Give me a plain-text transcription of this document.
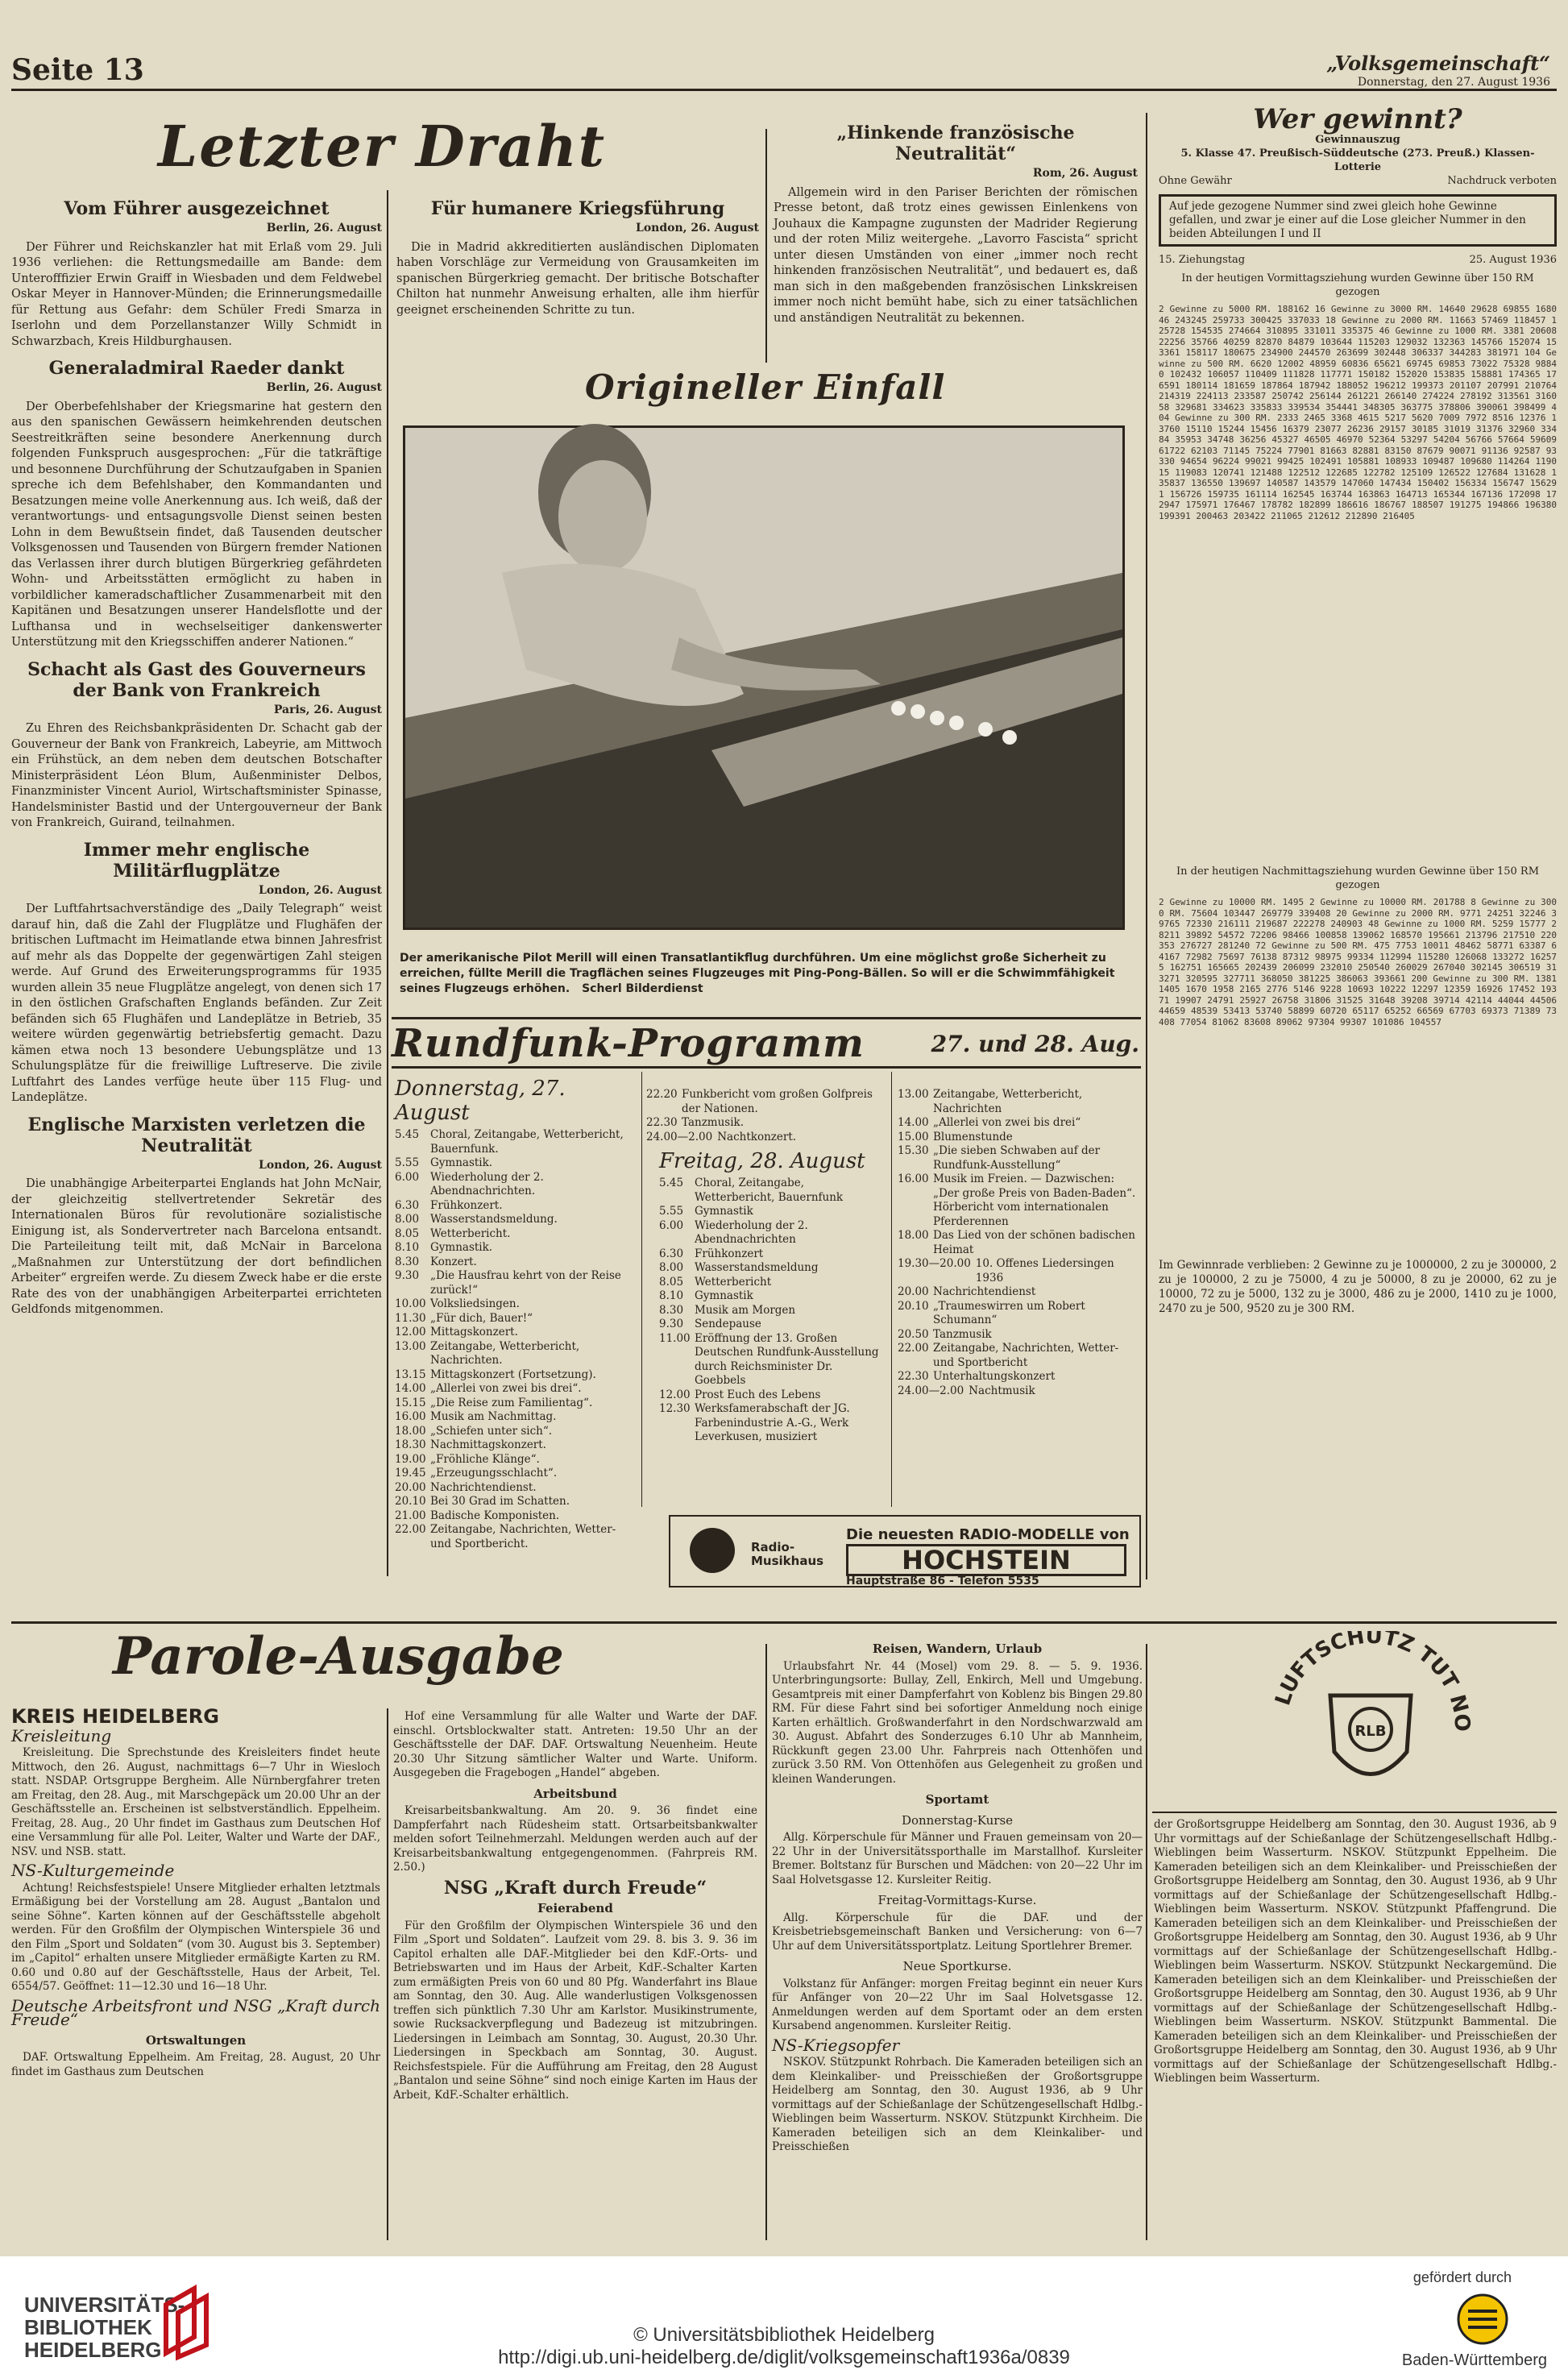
Seite 13	„Volksgemeinschaft“
Donnerstag, den 27. August 1936
Letzter Draht
Vom Führer ausgezeichnet
Berlin, 26. August

Der Führer und Reichskanzler hat mit Erlaß vom 29. Juli 1936 verliehen: die Rettungsmedaille am Bande: dem Unterofffizier Erwin Graiff in Wiesbaden und dem Feldwebel Oskar Meyer in Hannover-Münden; die Erinnerungsmedaille für Rettung aus Gefahr: dem Schüler Fredi Smarza in Iserlohn und dem Porzellanstanzer Willy Schmidt in Schwarzbach, Kreis Hildburghausen.

Generaladmiral Raeder dankt
Berlin, 26. August

Der Oberbefehlshaber der Kriegsmarine hat gestern den aus den spanischen Gewässern heimkehrenden deutschen Seestreitkräften seine besondere Anerkennung durch folgenden Funkspruch ausgesprochen: „Für die tatkräftige und besonnene Durchführung der Schutzaufgaben in Spanien spreche ich dem Befehlshaber, den Kommandanten und Besatzungen meine volle Anerkennung aus. Ich weiß, daß der verantwortungs- und entsagungsvolle Dienst seinen besten Lohn in dem Bewußtsein findet, daß Tausenden deutscher Volksgenossen und Tausenden von Bürgern fremder Nationen das Verlassen ihrer durch blutigen Bürgerkrieg gefährdeten Wohn- und Arbeitsstätten ermöglicht zu haben in vorbildlicher kameradschaftlicher Zusammenarbeit mit den Kapitänen und Besatzungen unserer Handelsflotte und der Lufthansa und in wechselseitiger dankenswerter Unterstützung mit den Kriegsschiffen anderer Nationen.“

Schacht als Gast des Gouverneurs der Bank von Frankreich
Paris, 26. August

Zu Ehren des Reichsbankpräsidenten Dr. Schacht gab der Gouverneur der Bank von Frankreich, Labeyrie, am Mittwoch ein Frühstück, an dem neben dem deutschen Botschafter Ministerpräsident Léon Blum, Außenminister Delbos, Finanzminister Vincent Auriol, Wirtschaftsminister Spinasse, Handelsminister Bastid und der Untergouverneur der Bank von Frankreich, Guirand, teilnahmen.

Immer mehr englische Militärflugplätze
London, 26. August

Der Luftfahrtsachverständige des „Daily Telegraph“ weist darauf hin, daß die Zahl der Flugplätze und Flughäfen der britischen Luftmacht im Heimatlande etwa binnen Jahresfrist auf mehr als das Doppelte der gegenwärtigen Zahl steigen werde. Auf Grund des Erweiterungsprogramms für 1935 wurden allein 35 neue Flugplätze angelegt, von denen sich 17 in den östlichen Grafschaften Englands befänden. Zur Zeit befänden sich 65 Flughäfen und Landeplätze in Betrieb, 35 weitere würden gegenwärtig betriebsfertig gemacht. Dazu kämen etwa noch 13 besondere Uebungsplätze und 13 Schulungsplätze für die freiwillige Luftreserve. Die zivile Luftfahrt des Landes verfüge heute über 115 Flug- und Landeplätze.

Englische Marxisten verletzen die Neutralität
London, 26. August

Die unabhängige Arbeiterpartei Englands hat John McNair, der gleichzeitig stellvertretender Sekretär des Internationalen Büros für revolutionäre sozialistische Einigung ist, als Sondervertreter nach Barcelona entsandt. Die Parteileitung teilt mit, daß McNair in Barcelona „Maßnahmen zur Unterstützung der dort befindlichen Arbeiter“ ergreifen werde. Zu diesem Zweck habe er die erste Rate des von der unabhängigen Arbeiterpartei errichteten Geldfonds mitgenommen.

Für humanere Kriegsführung
London, 26. August

Die in Madrid akkreditierten ausländischen Diplomaten haben Vorschläge zur Vermeidung von Grausamkeiten im spanischen Bürgerkrieg gemacht. Der britische Botschafter Chilton hat nunmehr Anweisung erhalten, alle ihm hierfür geeignet erscheinenden Schritte zu tun.

„Hinkende französische Neutralität“
Rom, 26. August

Allgemein wird in den Pariser Berichten der römischen Presse betont, daß trotz eines gewissen Einlenkens von Jouhaux die Kampagne zugunsten der Madrider Regierung und der roten Miliz weitergehe. „Lavorro Fascista“ spricht unter diesen Umständen von einer „immer noch recht hinkenden französischen Neutralität“, und bedauert es, daß man sich in den maßgebenden französischen Linkskreisen immer noch nicht bemüht habe, sich zu einer tatsächlichen und anständigen Neutralität zu bekennen.

Origineller Einfall
Der amerikanische Pilot Merill will einen Transatlantikflug durchführen. Um eine möglichst große Sicherheit zu erreichen, füllte Merill die Tragflächen seines Flugzeuges mit Ping-Pong-Bällen. So will er die Schwimmfähigkeit seines Flugzeugs erhöhen. Scherl Bilderdienst
Rundfunk-Programm	27. und 28. Aug.
Donnerstag, 27. August
5.45	Choral, Zeitangabe, Wetterbericht, Bauernfunk.
5.55	Gymnastik.
6.00	Wiederholung der 2. Abendnachrichten.
6.30	Frühkonzert.
8.00	Wasserstandsmeldung.
8.05	Wetterbericht.
8.10	Gymnastik.
8.30	Konzert.
9.30	„Die Hausfrau kehrt von der Reise zurück!“
10.00 Volksliedsingen.
11.30 „Für dich, Bauer!“
12.00 Mittagskonzert.
13.00 Zeitangabe, Wetterbericht, Nachrichten.
13.15 Mittagskonzert (Fortsetzung).
14.00 „Allerlei von zwei bis drei“.
15.15 „Die Reise zum Familientag“.
16.00 Musik am Nachmittag.
18.00 „Schiefen unter sich“.
18.30 Nachmittagskonzert.
19.00 „Fröhliche Klänge“.
19.45 „Erzeugungsschlacht“.
20.00 Nachrichtendienst.
20.10 Bei 30 Grad im Schatten.
21.00 Badische Komponisten.
22.00 Zeitangabe, Nachrichten, Wetter- und Sportbericht.
22.20 Funkbericht vom großen Golfpreis der Nationen.
22.30 Tanzmusik.
24.00—2.00 Nachtkonzert.
Freitag, 28. August
5.45	Choral, Zeitangabe, Wetterbericht, Bauernfunk
5.55	Gymnastik
6.00	Wiederholung der 2. Abendnachrichten
6.30	Frühkonzert
8.00	Wasserstandsmeldung
8.05	Wetterbericht
8.10	Gymnastik
8.30	Musik am Morgen
9.30	Sendepause
11.00 Eröffnung der 13. Großen Deutschen Rundfunk-Ausstellung durch Reichsminister Dr. Goebbels
12.00 Prost Euch des Lebens
12.30 Werksfamerabschaft der JG. Farbenindustrie A.-G., Werk Leverkusen, musiziert
13.00 Zeitangabe, Wetterbericht, Nachrichten
14.00 „Allerlei von zwei bis drei“
15.00 Blumenstunde
15.30 „Die sieben Schwaben auf der Rundfunk-Ausstellung“
16.00 Musik im Freien. — Dazwischen: „Der große Preis von Baden-Baden“. Hörbericht vom internationalen Pferderennen
18.00 Das Lied von der schönen badischen Heimat
19.30—20.00 10. Offenes Liedersingen 1936
20.00 Nachrichtendienst
20.10 „Traumeswirren um Robert Schumann“
20.50 Tanzmusik
22.00 Zeitangabe, Nachrichten, Wetter- und Sportbericht
22.30 Unterhaltungskonzert
24.00—2.00 Nachtmusik
Radio-Musikhaus
Die neuesten RADIO-MODELLE von
HOCHSTEIN
Hauptstraße 86 - Telefon 5535
Wer gewinnt?

Gewinnauszug

5. Klasse 47. Preußisch-Süddeutsche (273. Preuß.) Klassen-Lotterie

Ohne Gewähr	Nachdruck verboten
Auf jede gezogene Nummer sind zwei gleich hohe Gewinne gefallen, und zwar je einer auf die Lose gleicher Nummer in den beiden Abteilungen I und II
15. Ziehungstag	25. August 1936

In der heutigen Vormittagsziehung wurden Gewinne über 150 RM gezogen

2 Gewinne zu 5000 RM. 188162 16 Gewinne zu 3000 RM. 14640 29628 69855 168046 243245 259733 300425 337033 18 Gewinne zu 2000 RM. 11663 57469 118457 125728 154535 274664 310895 331011 335375 46 Gewinne zu 1000 RM. 3381 20608 22256 35766 40259 82870 84879 103644 115203 129032 132363 145766 152074 153361 158117 180675 234900 244570 263699 302448 306337 344283 381971 104 Gewinne zu 500 RM. 6620 12002 48959 60836 65621 69745 69853 73022 75328 98840 102432 106057 110409 111828 117771 150182 152020 153835 158881 174365 176591 180114 181659 187864 187942 188052 196212 199373 201107 207991 210764 214319 224113 233587 250742 256144 261221 266140 274224 278192 313561 316058 329681 334623 335833 339534 354441 348305 363775 378806 390061 398499 404 Gewinne zu 300 RM. 2333 2465 3368 4615 5217 5620 7009 7972 8516 12376 13760 15110 15244 15456 16379 23077 26236 29157 30185 31019 31376 32960 33484 35953 34748 36256 45327 46505 46970 52364 53297 54204 56766 57664 59609 61722 62103 71145 75224 77901 81663 82881 83150 87679 90071 91136 92587 93330 94654 96224 99021 99425 102491 105881 108933 109487 109680 114264 119015 119083 120741 121488 122512 122685 122782 125109 126522 127684 131628 135837 136550 139697 140587 143579 147060 147434 150402 156334 156747 156291 156726 159735 161114 162545 163744 163863 164713 165344 167136 172098 172947 175971 176467 178782 182899 186616 186767 188507 191275 194866 196380 199391 200463 203422 211065 212612 212890 216405

In der heutigen Nachmittagsziehung wurden Gewinne über 150 RM gezogen

2 Gewinne zu 10000 RM. 1495 2 Gewinne zu 10000 RM. 201788 8 Gewinne zu 3000 RM. 75604 103447 269779 339408 20 Gewinne zu 2000 RM. 9771 24251 32246 39765 72330 216111 219687 222278 240903 48 Gewinne zu 1000 RM. 5259 15777 28211 39892 54572 72206 98466 100858 139062 168570 195661 213796 217510 220353 276727 281240 72 Gewinne zu 500 RM. 475 7753 10011 48462 58771 63387 64167 72982 75697 76138 87312 98975 99334 112994 115280 126068 133272 162575 162751 165665 202439 206099 232010 250540 260029 267040 302145 306519 313271 320595 327711 368050 381225 386063 393661 200 Gewinne zu 300 RM. 1381 1405 1670 1958 2165 2776 5146 9228 10693 10222 12297 12359 16926 17452 19371 19907 24791 25927 26758 31806 31525 31648 39208 39714 42114 44044 44506 44659 48539 53413 53740 58899 60720 65117 65252 66569 67703 69373 71389 73408 77054 81062 83608 89062 97304 99307 101086 104557

Im Gewinnrade verblieben: 2 Gewinne zu je 1000000, 2 zu je 300000, 2 zu je 100000, 2 zu je 75000, 4 zu je 50000, 8 zu je 20000, 62 zu je 10000, 72 zu je 5000, 132 zu je 3000, 486 zu je 2000, 1410 zu je 1000, 2470 zu je 500, 9520 zu je 300 RM.

Parole-Ausgabe
KREIS HEIDELBERG
Kreisleitung

Kreisleitung. Die Sprechstunde des Kreisleiters findet heute Mittwoch, den 26. August, nachmittags 6—7 Uhr in Wiesloch statt. NSDAP. Ortsgruppe Bergheim. Alle Nürnbergfahrer treten am Freitag, den 28. Aug., mit Marschgepäck um 20.00 Uhr an der Geschäftsstelle an. Erscheinen ist selbstverständlich. Eppelheim. Freitag, 28. Aug., 20 Uhr findet im Gasthaus zum Deutschen Hof eine Versammlung für alle Pol. Leiter, Walter und Warte der DAF., NSV. und NSB. statt.

NS-Kulturgemeinde

Achtung! Reichsfestspiele! Unsere Mitglieder erhalten letztmals Ermäßigung bei der Vorstellung am 28. August „Bantalon und seine Söhne“. Karten können auf der Geschäftsstelle abgeholt werden. Für den Großfilm der Olympischen Winterspiele 36 und den Film „Sport und Soldaten“ (vom 30. August bis 3. September) im „Capitol“ erhalten unsere Mitglieder ermäßigte Karten zu RM. 0.60 und 0.80 auf der Geschäftsstelle, Haus der Arbeit, Tel. 6554/57. Geöffnet: 11—12.30 und 16—18 Uhr.

Deutsche Arbeitsfront und NSG „Kraft durch Freude“
Ortswaltungen

DAF. Ortswaltung Eppelheim. Am Freitag, 28. August, 20 Uhr findet im Gasthaus zum Deutschen

Hof eine Versammlung für alle Walter und Warte der DAF. einschl. Ortsblockwalter statt. Antreten: 19.50 Uhr an der Geschäftsstelle der DAF. DAF. Ortswaltung Neuenheim. Heute 20.30 Uhr Sitzung sämtlicher Walter und Warte. Uniform. Ausgegeben die Fragebogen „Handel“ abgeben.

Arbeitsbund

Kreisarbeitsbankwaltung. Am 20. 9. 36 findet eine Dampferfahrt nach Rüdesheim statt. Ortsarbeitsbankwalter melden sofort Teilnehmerzahl. Meldungen werden auch auf der Kreisarbeitsbankwaltung entgegengenommen. (Fahrpreis RM. 2.50.)

NSG „Kraft durch Freude“
Feierabend

Für den Großfilm der Olympischen Winterspiele 36 und den Film „Sport und Soldaten“. Laufzeit vom 29. 8. bis 3. 9. 36 im Capitol erhalten alle DAF.-Mitglieder bei den KdF.-Orts- und Betriebswarten und im Haus der Arbeit, KdF.-Schalter Karten zum ermäßigten Preis von 60 und 80 Pfg. Wanderfahrt ins Blaue am Sonntag, den 30. Aug. Alle wanderlustigen Volksgenossen treffen sich pünktlich 7.30 Uhr am Karlstor. Musikinstrumente, sowie Rucksackverpflegung und Badezeug ist mitzubringen. Liedersingen in Leimbach am Sonntag, 30. August, 20.30 Uhr. Liedersingen in Speckbach am Sonntag, 30. August. Reichsfestspiele. Für die Aufführung am Freitag, den 28 August „Bantalon und seine Söhne“ sind noch einige Karten im Haus der Arbeit, KdF.-Schalter erhältlich.

Reisen, Wandern, Urlaub

Urlaubsfahrt Nr. 44 (Mosel) vom 29. 8. — 5. 9. 1936. Unterbringungsorte: Bullay, Zell, Enkirch, Mell und Umgebung. Gesamtpreis mit einer Dampferfahrt von Koblenz bis Bingen 29.80 RM. Für diese Fahrt sind bei sofortiger Anmeldung noch einige Karten erhältlich. Großwanderfahrt in den Nordschwarzwald am 30. August. Abfahrt des Sonderzuges 6.10 Uhr ab Mannheim, Rückkunft gegen 23.00 Uhr. Fahrpreis nach Ottenhöfen und zurück 3.50 RM. Von Ottenhöfen aus Gelegenheit zu großen und kleinen Wanderungen.

Sportamt
Donnerstag-Kurse

Allg. Körperschule für Männer und Frauen gemeinsam von 20—22 Uhr in der Universitätssporthalle im Marstallhof. Kursleiter Bremer. Boltstanz für Burschen und Mädchen: von 20—22 Uhr im Saal Holvetsgasse 12. Kursleiter Reitig.

Freitag-Vormittags-Kurse.

Allg. Körperschule für die DAF. und der Kreisbetriebsgemeinschaft Banken und Versicherung: von 6—7 Uhr auf dem Universitätssportplatz. Leitung Sportlehrer Bremer.

Neue Sportkurse.

Volkstanz für Anfänger: morgen Freitag beginnt ein neuer Kurs für Anfänger von 20—22 Uhr im Saal Holvetsgasse 12. Anmeldungen werden auf dem Sportamt oder an dem ersten Kursabend angenommen. Kursleiter Reitig.

NS-Kriegsopfer

NSKOV. Stützpunkt Rohrbach. Die Kameraden beteiligen sich an dem Kleinkaliber- und Preisschießen der Großortsgruppe Heidelberg am Sonntag, den 30. August 1936, ab 9 Uhr vormittags auf der Schießanlage der Schützengesellschaft Hdlbg.-Wieblingen beim Wasserturm. NSKOV. Stützpunkt Kirchheim. Die Kameraden beteiligen sich an dem Kleinkaliber- und Preisschießen

LUFTSCHUTZ TUT NO
RLB

der Großortsgruppe Heidelberg am Sonntag, den 30. August 1936, ab 9 Uhr vormittags auf der Schießanlage der Schützengesellschaft Hdlbg.-Wieblingen beim Wasserturm. NSKOV. Stützpunkt Eppelheim. Die Kameraden beteiligen sich an dem Kleinkaliber- und Preisschießen der Großortsgruppe Heidelberg am Sonntag, den 30. August 1936, ab 9 Uhr vormittags auf der Schießanlage der Schützengesellschaft Hdlbg.-Wieblingen beim Wasserturm. NSKOV. Stützpunkt Pfaffengrund. Die Kameraden beteiligen sich an dem Kleinkaliber- und Preisschießen der Großortsgruppe Heidelberg am Sonntag, den 30. August 1936, ab 9 Uhr vormittags auf der Schießanlage der Schützengesellschaft Hdlbg.-Wieblingen beim Wasserturm. NSKOV. Stützpunkt Neckargemünd. Die Kameraden beteiligen sich an dem Kleinkaliber- und Preisschießen der Großortsgruppe Heidelberg am Sonntag, den 30. August 1936, ab 9 Uhr vormittags auf der Schießanlage der Schützengesellschaft Hdlbg.-Wieblingen beim Wasserturm. NSKOV. Stützpunkt Bammental. Die Kameraden beteiligen sich an dem Kleinkaliber- und Preisschießen der Großortsgruppe Heidelberg am Sonntag, den 30. August 1936, ab 9 Uhr vormittags auf der Schießanlage der Schützengesellschaft Hdlbg.-Wieblingen beim Wasserturm.

UNIVERSITÄTS-
BIBLIOTHEK
HEIDELBERG
© Universitätsbibliothek Heidelberg
http://digi.ub.uni-heidelberg.de/diglit/volksgemeinschaft1936a/0839
gefördert durch
Baden-Württemberg
